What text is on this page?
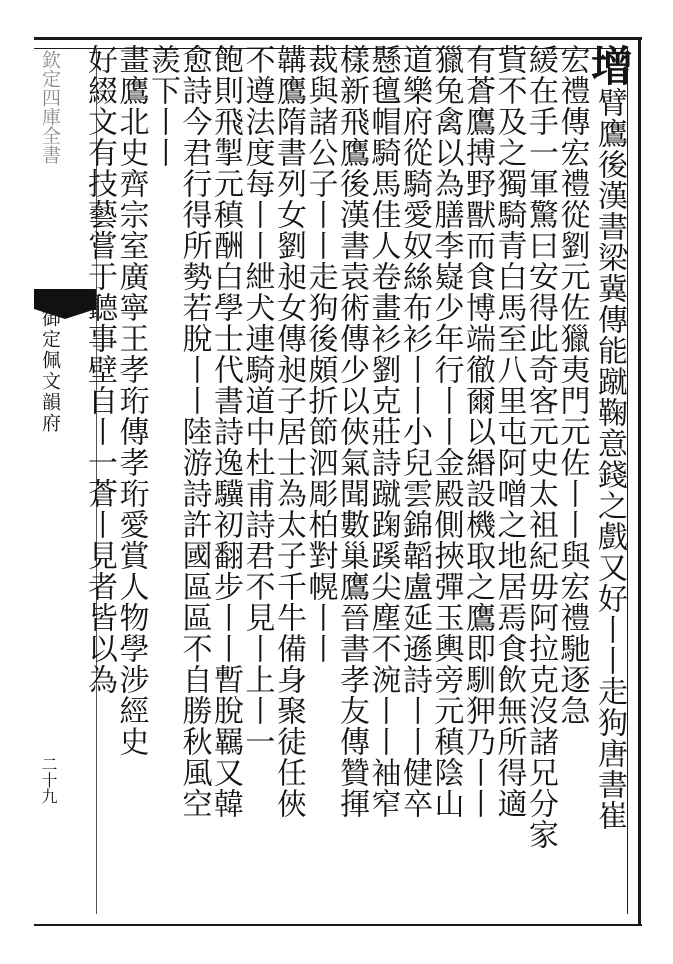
欽定四庫全書
御定佩文韻府
二十九
增臂鷹後漢書梁冀傳能蹴鞠意錢之戲又好丨丨走狗唐書崔
宏禮傳宏禮從劉元佐獵夷門元佐丨丨與宏禮馳逐急
緩在手一軍驚曰安得此奇客元史太祖紀毋阿拉克沒諸兄分家
貲不及之獨騎青白馬至八里屯阿噌之地居焉食飲無所得適
有蒼鷹搏野獸而食博端徹爾以緡設機取之鷹即馴狎乃丨丨
獵兔禽以為膳李嶷少年行丨丨金殿側挾彈玉輿旁元稹陰山
道樂府從騎愛奴絲布衫丨丨小兒雲錦韜盧延遜詩丨丨健卒
懸氊帽騎馬佳人卷畫衫劉克莊詩蹴踘蹊尖塵不涴丨丨袖窄
樣新飛鷹後漢書袁術傳少以俠氣聞數巢鷹晉書孝友傳贊揮
裁與諸公子丨丨走狗後頗折節泗彫柏對幌丨丨
韝鷹隋書列女劉昶女傳昶子居士為太子千牛備身聚徒任俠
不遵法度每丨丨紲犬連騎道中杜甫詩君不見丨上丨一
飽則飛掣元稹酬白學士代書詩逸驥初翻步丨丨暫脫羈又韓
愈詩今君行得所勢若脫丨丨陸游詩許國區區不自勝秋風空
羨下丨丨
畫鷹北史齊宗室廣寧王孝珩傳孝珩愛賞人物學涉經史
好綴文有技藝嘗于聽事壁自丨一蒼丨見者皆以為
